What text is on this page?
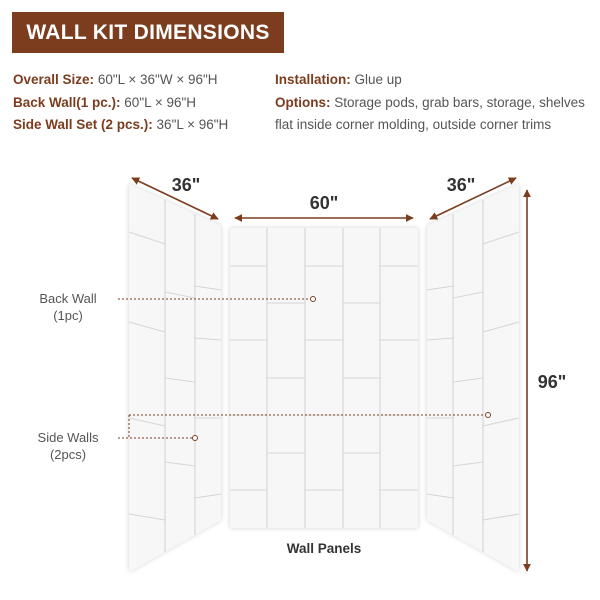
WALL KIT DIMENSIONS
Overall Size: 60"L × 36"W × 96"H
Back Wall(1 pc.): 60"L × 96"H
Side Wall Set (2 pcs.): 36"L × 96"H
Installation: Glue up
Options: Storage pods, grab bars, storage, shelves
flat inside corner molding, outside corner trims
36"
60"
36"
96"
Back Wall
(1pc)
Side Walls
(2pcs)
Wall Panels
